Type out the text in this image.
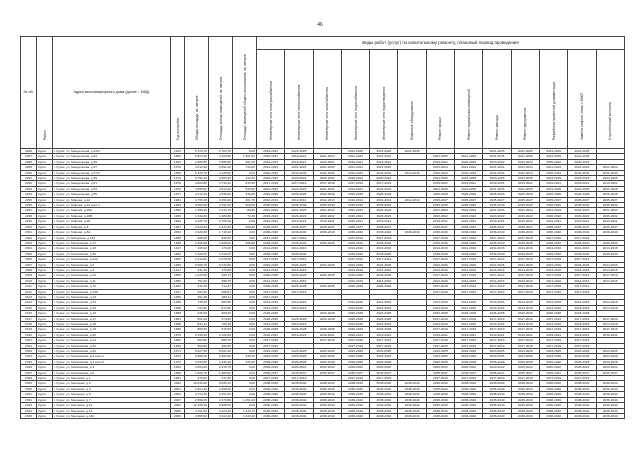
46
№ п/п	Район	Адрес многоквартирного дома (далее – МКД)	Год постройки	Общая площадь, кв. метров	Площадь жилых помещений, кв. метров	Площадь помещений общего пользования, кв. метров	Виды работ (услуг) по капитальному ремонту, плановый период проведения												

							Инженерные сети электроснабжения	Инженерные сети теплоснабжения	Инженерные сети газоснабжения	Инженерные сети водоснабжения	Инженерные сети водоотведения	Лифтовое оборудование	Ремонт крыши	Ремонт подвальных помещений	Ремонт фасада	Ремонт фундамента	Разработка проектной документации	Замена лифтов, связь с МЖП	Строительный контроль

2286	Курск	г. Курск, ул. Менделеева, д.43/4	1912	5 723,70	2 703,78	0,00	2019-2021	2021-2025		2021-2025	2021-2025	2021-2025			2021-2025	2021-2025	2021-2025	2021-2025	
2287	Курск	г. Курск, ул. Менделеева, д.43	1966	5 824,40	4 429,90	1 201,00	2018-2021	2018-2021	2021-2024	2021-2023	2021-2023		2021-2025	2021-2025	2021-2025	2021-2025	2021-2025	2021-2025	
2288	Курск	г. Курск, ул. Менделеева, д.45	1964	4 386,80	3 685,80	601,00	2019-2021	2019-2021	2019-2021	2019-2021	2019-2021		2019-2021	2020-2022	2020-2022	2020-2022	2020-2022	2020-2022	
2289	Курск	г. Курск, ул. Менделеева, д.47	1976	4 612,90	3 591,20	744,00	2021-2023	2021-2023	2021-2023	2021-2023	2021-2023		2021-2024	2021-2024	2021-2024	2021-2024	2021-2024	2021-2024	2021-2024
2290	Курск	г. Курск, ул. Менделеева, д.47/4	1966	5 129,70	3 128,50	0,00	2032-2034	2032-2034	2032-2034	2032-2034	2032-2034	2014-2016	2032-2034	2032-2034	2032-2034	2032-2034	2032-2034	2032-2034	2032-2034
2291	Курск	г. Курск, ул. Менделеева, д.49	1973	5 762,10	4 963,20	412,00	2020-2022	2020-2022	2020-2022	2020-2022	2020-2022		2023-2025	2023-2025	2023-2025	2023-2025	2023-2025	2023-2025	2023-2025
2292	Курск	г. Курск, ул. Менделеева, д.51	1976	4 826,80	3 716,40	815,40	2017-2019	2017-2019	2017-2019	2017-2019	2017-2019		2019-2021	2019-2021	2019-2021	2019-2021	2019-2021	2019-2021	2019-2021
2293	Курск	г. Курск, ул. Менделеева, д.53	1972	4 895,60	3 613,20	540,90	2021-2023	2021-2023	2021-2023	2021-2023	2021-2023		2021-2025	2021-2025	2021-2025	2021-2025	2021-2025	2021-2025	2021-2025
2294	Курск	г. Курск, ул. Менделеева, д.55	1977	3 312,20	2 536,80	319,60	2026-2028	2026-2028	2026-2028	2026-2028	2026-2028		2026-2028	2026-2028	2026-2028	2026-2028	2026-2028	2026-2028	2026-2028
2295	Курск	г. Курск, ул. Мирная, д.12	1981	4 755,40	3 258,20	361,70	2012-2014	2012-2014	2012-2014	2012-2014	2012-2014	2012-2014	2025-2027	2025-2027	2025-2027	2025-2027	2025-2027	2025-2027	2025-2027
2296	Курск	г. Курск, ул. Мирная, д.12 корп.1	1999	3 602,60	2 511,00	602,80	2036-2040	2036-2040	2036-2040	2036-2040	2036-2040		2036-2040	2036-2040	2036-2040	2036-2040	2036-2040	2036-2040	2036-2040
2297	Курск	г. Курск, ул. Мирная, д.18А	1958	1 485,10	1 012,70	85,80	2021-2023	2021-2023	2021-2023	2021-2023	2021-2023		2021-2023	2021-2023	2021-2023	2021-2023	2021-2023	2021-2023	2021-2023
2298	Курск	г. Курск, ул. Мирная, д.18Б	1958	1 632,00	1 480,80	72,30	2020-2022	2020-2022	2020-2022	2020-2022	2020-2022		2020-2022	2020-2022	2020-2022	2020-2022	2020-2022	2020-2022	2020-2022
2299	Курск	г. Курск, ул. Мирная, д.20	1964	4 105,70	3 708,40	0,00	2019-2021	2019-2021	2019-2021	2019-2021	2019-2021		2019-2021	2019-2021	2019-2021	2019-2021	2019-2021	2019-2021	2019-2021
2300	Курск	г. Курск, ул. Мирная, д.8	1967	2 620,90	2 047,60	360,80	2035-2037	2035-2037	2035-2037	2035-2037	2035-2037		2035-2037	2035-2037	2035-2037	2035-2037	2035-2037	2035-2037	2035-2037
2301	Курск	г. Курск, ул. Мирная, д.8А	2004	2 929,80	1 718,20	0,00	2038-2040	2038-2040	2038-2040	2038-2040	2038-2040	2038-2040	2038-2040	2038-2040	2038-2040	2038-2040	2038-2040	2038-2040	2038-2040
2302	Курск	г. Курск, ул. Мичурина, д.133	1958	608,90	540,50	0,00	2017-2019	2017-2019		2017-2019	2017-2019		2017-2019	2017-2019	2017-2019	2017-2019	2017-2019	2017-2019	
2303	Курск	г. Курск, ул. Московская, д.17	1995	2 295,90	1 608,00	395,90	2036-2040	2036-2040	2036-2040	2036-2040	2036-2040		2036-2040	2036-2040	2036-2040	2036-2040	2036-2040	2036-2040	2036-2040
2304	Курск	г. Курск, ул. Московская, д.18	1917	195,20	173,00	0,00	2014-2016	2014-2016		2014-2016	2014-2016		2014-2016	2014-2016	2014-2016	2014-2016	2014-2016	2014-2016	2014-2016
2305	Курск	г. Курск, ул. Московская, д.20	1922	1 129,00	1 010,00	0,00	2039-2040	2039-2040		2039-2040	2039-2040		2039-2040	2039-2040	2039-2040	2039-2040	2039-2040	2039-2040	2039-2040
2306	Курск	г. Курск, ул. Московская, д.22А	1960	2 212,00	2 078,30	0,00	2017-2019	2017-2019		2017-2019	2017-2019		2017-2019	2017-2019	2017-2019	2017-2019	2017-2019	2017-2019	
2307	Курск	г. Курск, ул. Московская, д.3	1969	5 506,70	5 276,80	0,00	2024-2026	2024-2026	2024-2026	2024-2026	2024-2026		2024-2026	2024-2026	2024-2026	2024-2026	2024-2026	2024-2026	2024-2026
2308	Курск	г. Курск, ул. Московская, д.4	1917	531,20	476,68	0,00	2014-2016	2014-2016		2014-2016	2014-2016		2014-2016	2014-2016	2014-2016	2014-2016	2014-2016	2014-2016	2014-2016
2309	Курск	г. Курск, ул. Московская, д.10	1950	1 025,60	495,13	0,00	2026-2028	2026-2028	2026-2028	2026-2028	2026-2028		2017-2019	2017-2019	2017-2019	2017-2019	2017-2019	2017-2019	2017-2019
2310	Курск	г. Курск, ул. Московская, д.11	1958	751,60	698,70	0,00	2014-2016	2014-2016		2014-2016	2014-2016		2014-2016	2014-2016	2014-2016	2014-2016	2014-2016	2014-2016	2014-2016
2311	Курск	г. Курск, ул. Московская, д.12	1962	976,40	714,37	0,00	2026-2028	2026-2028	2026-2028	2026-2028	2026-2028		2017-2019	2017-2019	2017-2019	2017-2019	2017-2019	2017-2019	
2312	Курск	г. Курск, ул. Московская, д.12А	1917	293,20	268,67	0,00	2017-2019	2017-2019					2017-2019	2017-2019	2017-2019	2017-2019	2017-2019	2017-2019	
2313	Курск	г. Курск, ул. Московская, д.13	1950	291,28	269,11	0,00	2017-2019												
2314	Курск	г. Курск, ул. Московская, д.14	1958	735,30	683,50	0,00	2014-2016	2014-2016		2014-2016	2014-2016		2014-2016	2014-2016	2014-2016	2014-2016	2014-2016	2014-2016	2014-2016
2315	Курск	г. Курск, ул. Московская, д.15	1958	744,90	672,50	0,00	2014-2016	2014-2016		2014-2016	2014-2016		2014-2016	2014-2016	2014-2016	2014-2016	2014-2016	2014-2016	2014-2016
2316	Курск	г. Курск, ул. Московская, д.16	1958	236,20	209,60	0,00	2026-2028		2026-2028	2026-2028	2026-2028		2026-2028	2026-2028	2026-2028	2026-2028	2026-2028	2026-2028	
2317	Курск	г. Курск, ул. Московская, д.17	1961	561,00	274,00	0,00	2026-2028	2026-2028	2026-2028	2026-2028	2026-2028		2017-2019	2017-2019	2017-2019	2017-2019	2017-2019	2017-2019	2017-2019
2318	Курск	г. Курск, ул. Московская, д.18	1958	844,13	709,43	0,00	2014-2016	2014-2016		2014-2016	2014-2016		2014-2016	2014-2016	2014-2016	2014-2016	2014-2016	2014-2016	2014-2016
2319	Курск	г. Курск, ул. Московская, д.19	1966	989,50	815,50	0,00	2026-2028	2026-2028	2026-2028	2026-2028	2026-2028		2017-2019	2017-2019	2017-2019	2017-2019	2017-2019	2017-2019	2017-2019
2320	Курск	г. Курск, ул. Московская, д.20	1970	4 130,20	3 120,80	0,00	2019-2021	2019-2021	2019-2021	2019-2021	2019-2021		2019-2021	2019-2021	2019-2021	2019-2021	2019-2021	2019-2021	2019-2021
2321	Курск	г. Курск, ул. Московская, д.21	1960	660,80	588,70	0,00	2017-2019		2017-2019	2017-2019	2017-2019		2017-2019	2017-2019	2017-2019	2017-2019	2017-2019	2017-2019	
2322	Курск	г. Курск, ул. Московская, д.22	1960	509,60	460,50	0,00	2017-2019			2017-2019	2017-2019		2017-2019	2017-2019	2017-2019	2017-2019	2017-2019	2017-2019	
2323	Курск	г. Курск, ул. Московская, д.23	1971	9 927,50	8 521,20	0,00	2023-2025	2023-2025	2023-2025	2023-2025	2023-2025		2023-2025	2023-2025	2023-2025	2023-2025	2023-2025	2023-2025	2023-2025
2324	Курск	г. Курск, ул. Московская, д.4 корп.1	1971	2 988,60	2 362,60	336,20	2023-2025	2023-2025	2023-2025	2023-2025	2023-2025		2023-2025	2023-2025	2023-2025	2023-2025	2023-2025	2023-2025	2023-2025
2325	Курск	г. Курск, ул. Московская, д.4 корп.2	1972	3 033,80	2 430,10	315,40	2026-2028	2026-2028	2026-2028	2026-2028	2026-2028		2026-2028	2026-2028	2026-2028	2026-2028	2026-2028	2026-2028	2026-2028
2326	Курск	г. Курск, ул. Московская, д.5	1963	2 864,00	2 415,70	0,00	2020-2022	2020-2022	2020-2022	2020-2022	2020-2022		2020-2022	2020-2022	2020-2022	2020-2022	2020-2022	2020-2022	2020-2022
2327	Курск	г. Курск, ул. Московская, д.6	1958	1 806,70	1 389,60	0,00	2035-2037	2035-2037	2035-2037	2035-2037	2035-2037		2035-2037	2035-2037	2035-2037	2035-2037	2035-2037	2035-2037	2035-2037
2328	Курск	г. Курск, ул. Мыльная, д.1	1961	375,00	271,20	0,00	2017-2019	2017-2019		2017-2019	2017-2019		2017-2019	2017-2019	2017-2019	2017-2019	2017-2019	2017-2019	
2329	Курск	г. Курск, ул. Мыльная, д.2	2002	10 616,60	9 635,10	0,00	2038-2040	2038-2040	2038-2040	2038-2040	2038-2040	2038-2040	2038-2040	2038-2040	2038-2040	2038-2040	2038-2040	2038-2040	2038-2040
2330	Курск	г. Курск, ул. Мыльная, д.3	2001	2 824,40	2 398,20	0,00	2036-2040	2036-2040	2036-2040	2036-2040	2036-2040	2036-2040	2036-2040	2036-2040	2036-2040	2036-2040	2036-2040	2036-2040	2036-2040
2331	Курск	г. Курск, ул. Мыльная, д.5	2002	3 724,40	3 151,50	0,00	2038-2040	2038-2040	2038-2040	2038-2040	2038-2040	2038-2040	2038-2040	2038-2040	2038-2040	2038-2040	2038-2040	2038-2040	2038-2040
2332	Курск	г. Курск, ул. Мыльная, д.7	2007	2 896,00	2 470,80	1 451,00	2038-2040	2038-2040	2038-2040	2038-2040	2038-2040	2038-2040	2038-2040	2038-2040	2038-2040	2038-2040	2038-2040	2038-2040	2038-2040
2333	Курск	г. Курск, ул. Мыльная, д.11	2002	12 166,40	8 988,20	0,00	2036-2040	2036-2040	2036-2040	2036-2040	2036-2040	2036-2040	2036-2040	2036-2040	2036-2040	2036-2040	2036-2040	2036-2040	2036-2040
2334	Курск	г. Курск, ул. Мыльная, д.13	2005	4 161,50	3 424,20	1 243,70	2038-2040	2038-2040	2038-2040	2038-2040	2038-2040	2038-2040	2038-2040	2038-2040	2038-2040	2038-2040	2038-2040	2038-2040	2038-2040
2335	Курск	г. Курск, ул. Мыльная, д.13А	2009	4 958,60	3 914,40	1 044,20	2038-2040	2038-2040	2038-2040	2038-2040	2038-2040	2038-2040	2038-2040	2038-2040	2038-2040	2038-2040	2038-2040	2038-2040	2038-2040
